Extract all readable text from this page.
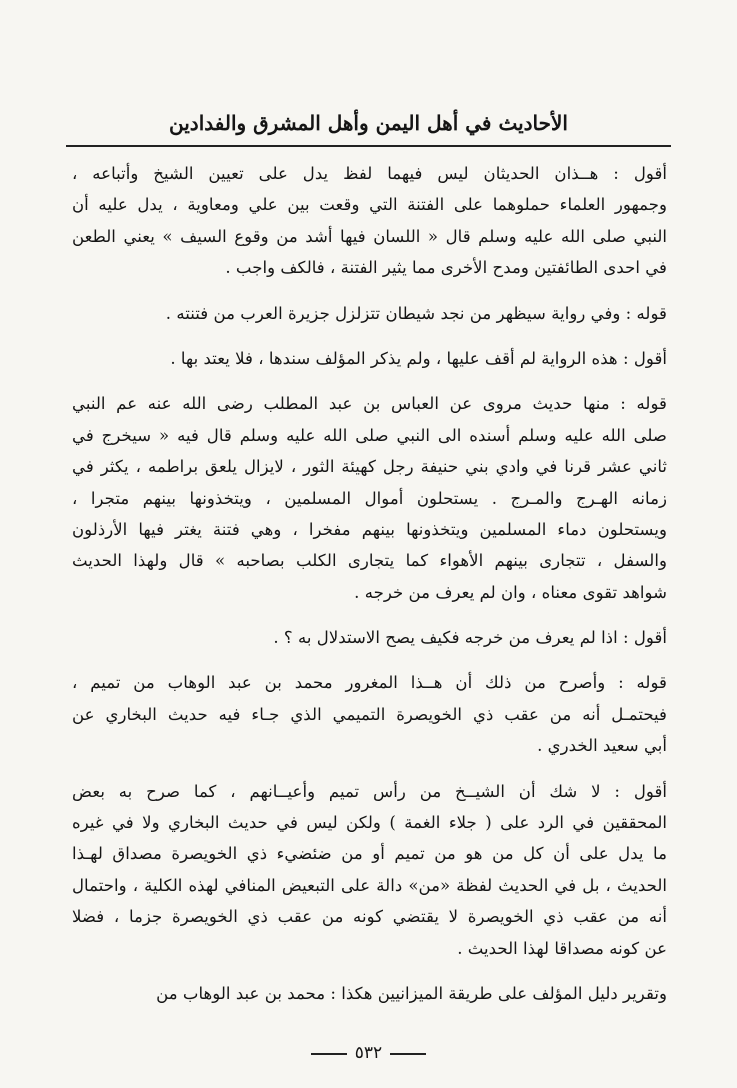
الأحاديث في أهل اليمن وأهل المشرق والفدادين
أقول : هــذان الحديثان ليس فيهما لفظ يدل على تعيين الشيخ وأتباعه ،
وجمهور العلماء حملوهما على الفتنة التي وقعت بين علي ومعاوية ، يدل عليه أن
النبي صلى الله عليه وسلم قال « اللسان فيها أشد من وقوع السيف » يعني الطعن
في احدى الطائفتين ومدح الأخرى مما يثير الفتنة ، فالكف واجب .
قوله : وفي رواية سيظهر من نجد شيطان تتزلزل جزيرة العرب من فتنته .
أقول : هذه الرواية لم أقف عليها ، ولم يذكر المؤلف سندها ، فلا يعتد بها .
قوله : منها حديث مروى عن العباس بن عبد المطلب رضى الله عنه عم النبي
صلى الله عليه وسلم أسنده الى النبي صلى الله عليه وسلم قال فيه « سيخرج في
ثاني عشر قرنا في وادي بني حنيفة رجل كهيئة الثور ، لايزال يلعق براطمه ، يكثر في
زمانه الهـرج والمـرج . يستحلون أموال المسلمين ، ويتخذونها بينهم متجرا ،
ويستحلون دماء المسلمين ويتخذونها بينهم مفخرا ، وهي فتنة يغتر فيها الأرذلون
والسفل ، تتجارى بينهم الأهواء كما يتجارى الكلب بصاحبه » قال ولهذا الحديث
شواهد تقوى معناه ، وان لم يعرف من خرجه .
أقول : اذا لم يعرف من خرجه فكيف يصح الاستدلال به ؟ .
قوله : وأصرح من ذلك أن هــذا المغرور محمد بن عبد الوهاب من تميم ،
فيحتمـل أنه من عقب ذي الخويصرة التميمي الذي جـاء فيه حديث البخاري عن
أبي سعيد الخدري .
أقول : لا شك أن الشيــخ من رأس تميم وأعيــانهم ، كما صرح به بعض
المحققين في الرد على ( جلاء الغمة ) ولكن ليس في حديث البخاري ولا في غيره
ما يدل على أن كل من هو من تميم أو من ضئضيء ذي الخويصرة مصداق لهـذا
الحديث ، بل في الحديث لفظة «من» دالة على التبعيض المنافي لهذه الكلية ، واحتمال
أنه من عقب ذي الخويصرة لا يقتضي كونه من عقب ذي الخويصرة جزما ، فضلا
عن كونه مصداقا لهذا الحديث .
وتقرير دليل المؤلف على طريقة الميزانيين هكذا : محمد بن عبد الوهاب من
٥٣٢
